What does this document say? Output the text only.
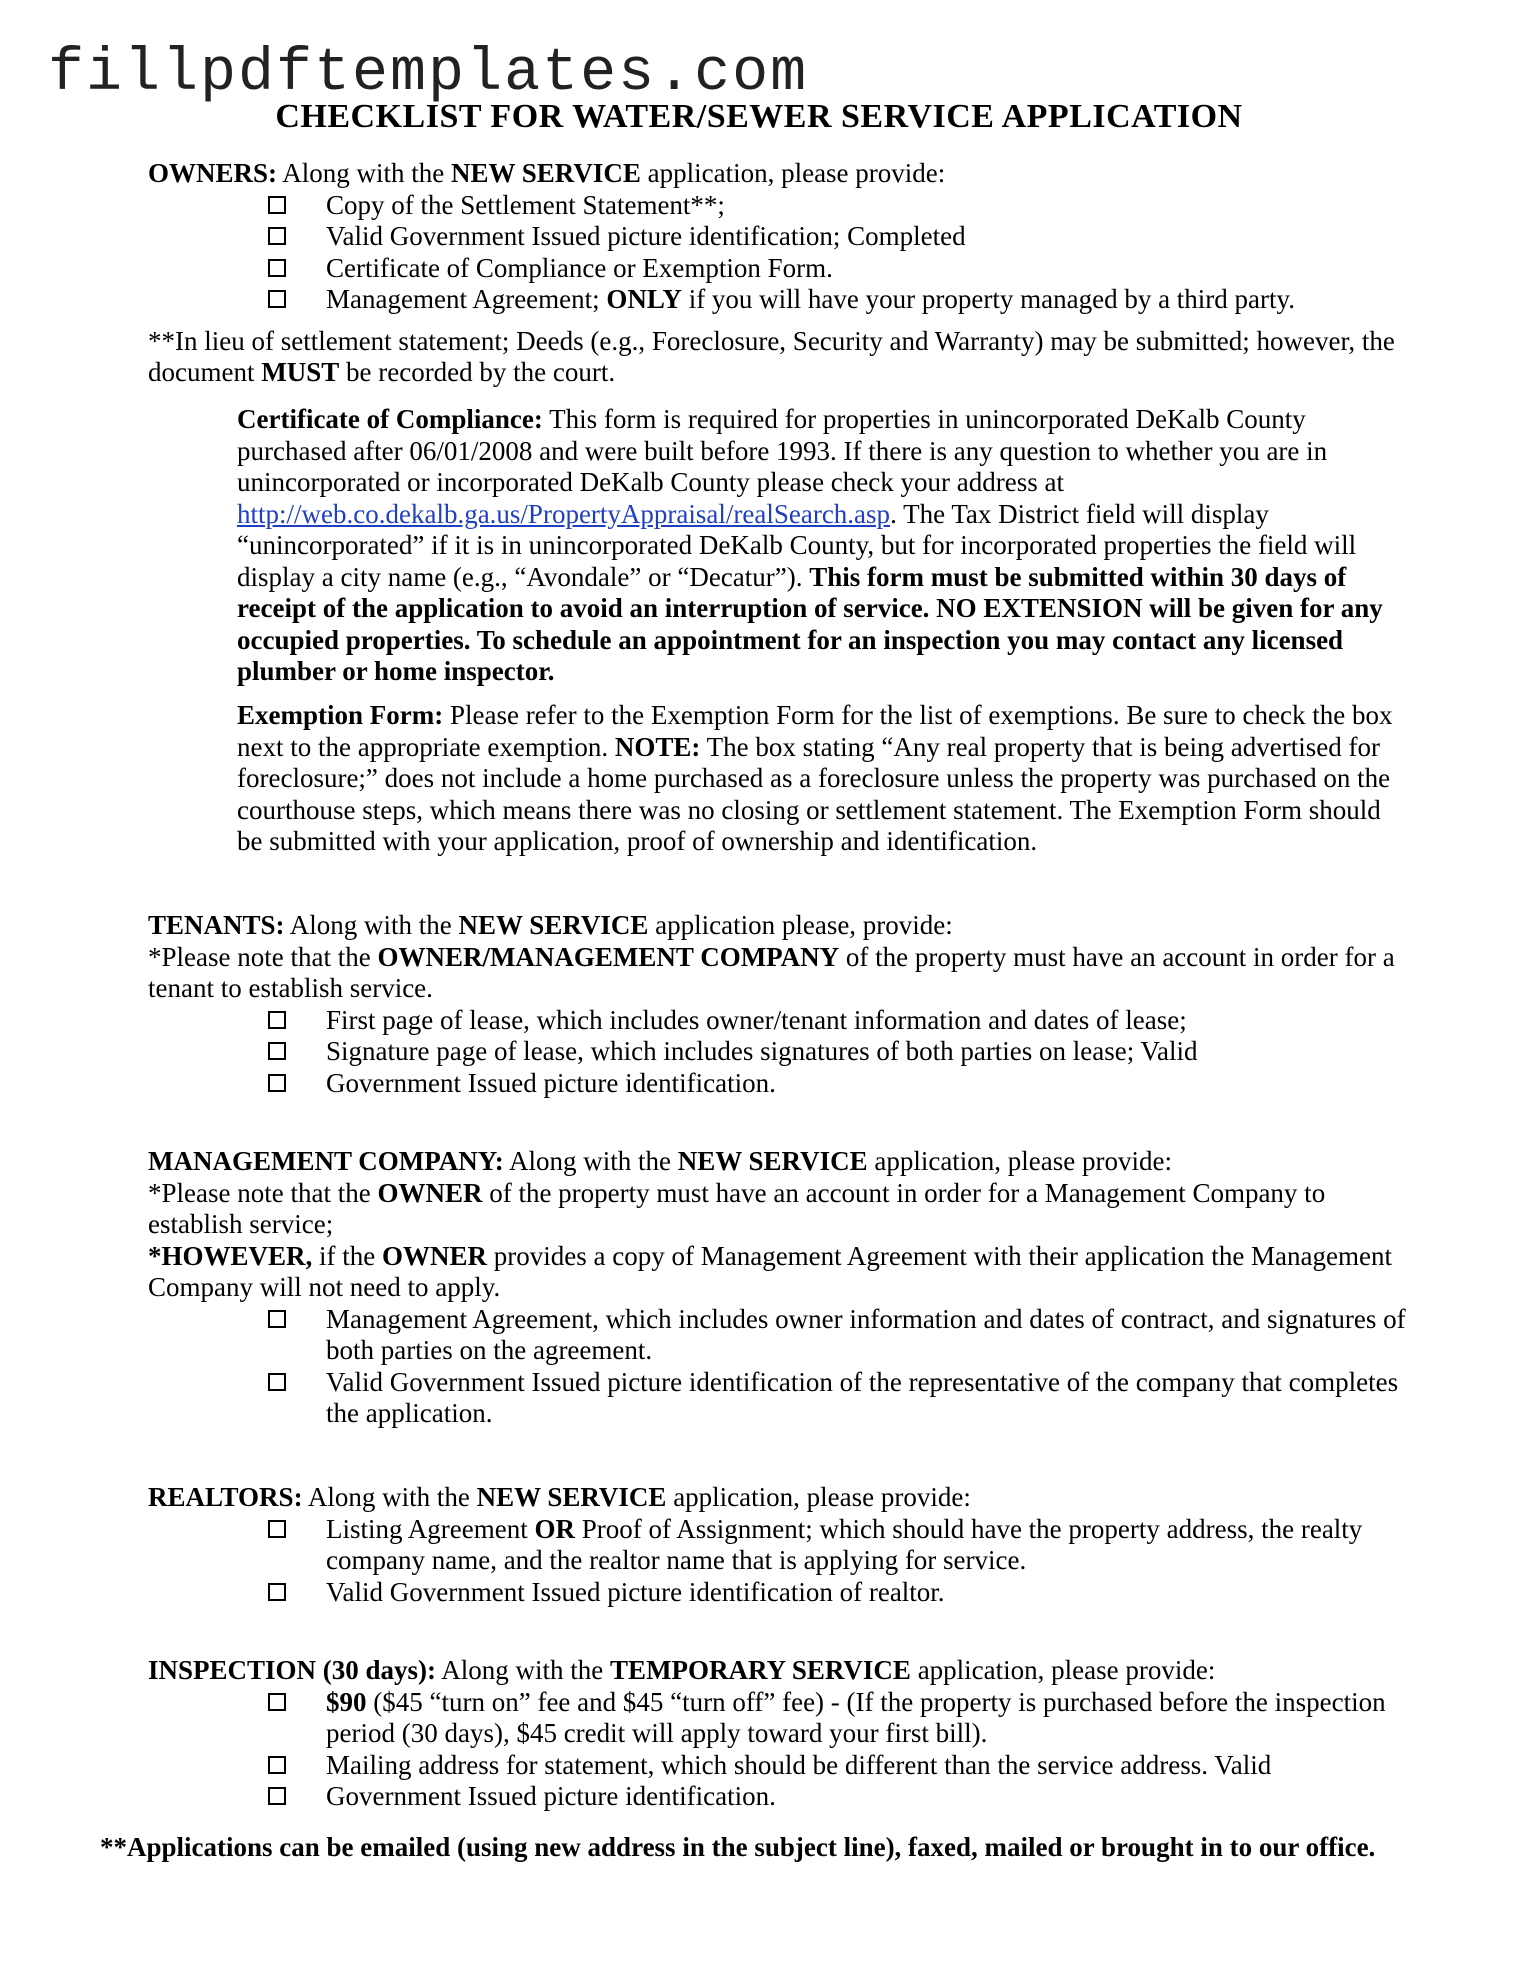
fillpdftemplates.com
CHECKLIST FOR WATER/SEWER SERVICE APPLICATION

OWNERS: Along with the NEW SERVICE application, please provide:

Copy of the Settlement Statement**;
Valid Government Issued picture identification; Completed
Certificate of Compliance or Exemption Form.
Management Agreement; ONLY if you will have your property managed by a third party.

**In lieu of settlement statement; Deeds (e.g., Foreclosure, Security and Warranty) may be submitted; however, the document MUST be recorded by the court.

Certificate of Compliance: This form is required for properties in unincorporated DeKalb County purchased after 06/01/2008 and were built before 1993. If there is any question to whether you are in unincorporated or incorporated DeKalb County please check your address at http://web.co.dekalb.ga.us/PropertyAppraisal/realSearch.asp. The Tax District field will display “unincorporated” if it is in unincorporated DeKalb County, but for incorporated properties the field will display a city name (e.g., “Avondale” or “Decatur”). This form must be submitted within 30 days of receipt of the application to avoid an interruption of service. NO EXTENSION will be given for any occupied properties. To schedule an appointment for an inspection you may contact any licensed plumber or home inspector.

Exemption Form: Please refer to the Exemption Form for the list of exemptions. Be sure to check the box next to the appropriate exemption. NOTE: The box stating “Any real property that is being advertised for foreclosure;” does not include a home purchased as a foreclosure unless the property was purchased on the courthouse steps, which means there was no closing or settlement statement. The Exemption Form should be submitted with your application, proof of ownership and identification.

TENANTS: Along with the NEW SERVICE application please, provide:

*Please note that the OWNER/MANAGEMENT COMPANY of the property must have an account in order for a tenant to establish service.

First page of lease, which includes owner/tenant information and dates of lease;
Signature page of lease, which includes signatures of both parties on lease; Valid
Government Issued picture identification.

MANAGEMENT COMPANY: Along with the NEW SERVICE application, please provide:

*Please note that the OWNER of the property must have an account in order for a Management Company to establish service;

*HOWEVER, if the OWNER provides a copy of Management Agreement with their application the Management Company will not need to apply.

Management Agreement, which includes owner information and dates of contract, and signatures of both parties on the agreement.
Valid Government Issued picture identification of the representative of the company that completes the application.

REALTORS: Along with the NEW SERVICE application, please provide:

Listing Agreement OR Proof of Assignment; which should have the property address, the realty company name, and the realtor name that is applying for service.
Valid Government Issued picture identification of realtor.

INSPECTION (30 days): Along with the TEMPORARY SERVICE application, please provide:

$90 ($45 “turn on” fee and $45 “turn off” fee) - (If the property is purchased before the inspection period (30 days), $45 credit will apply toward your first bill).
Mailing address for statement, which should be different than the service address. Valid
Government Issued picture identification.
**Applications can be emailed (using new address in the subject line), faxed, mailed or brought in to our office.
